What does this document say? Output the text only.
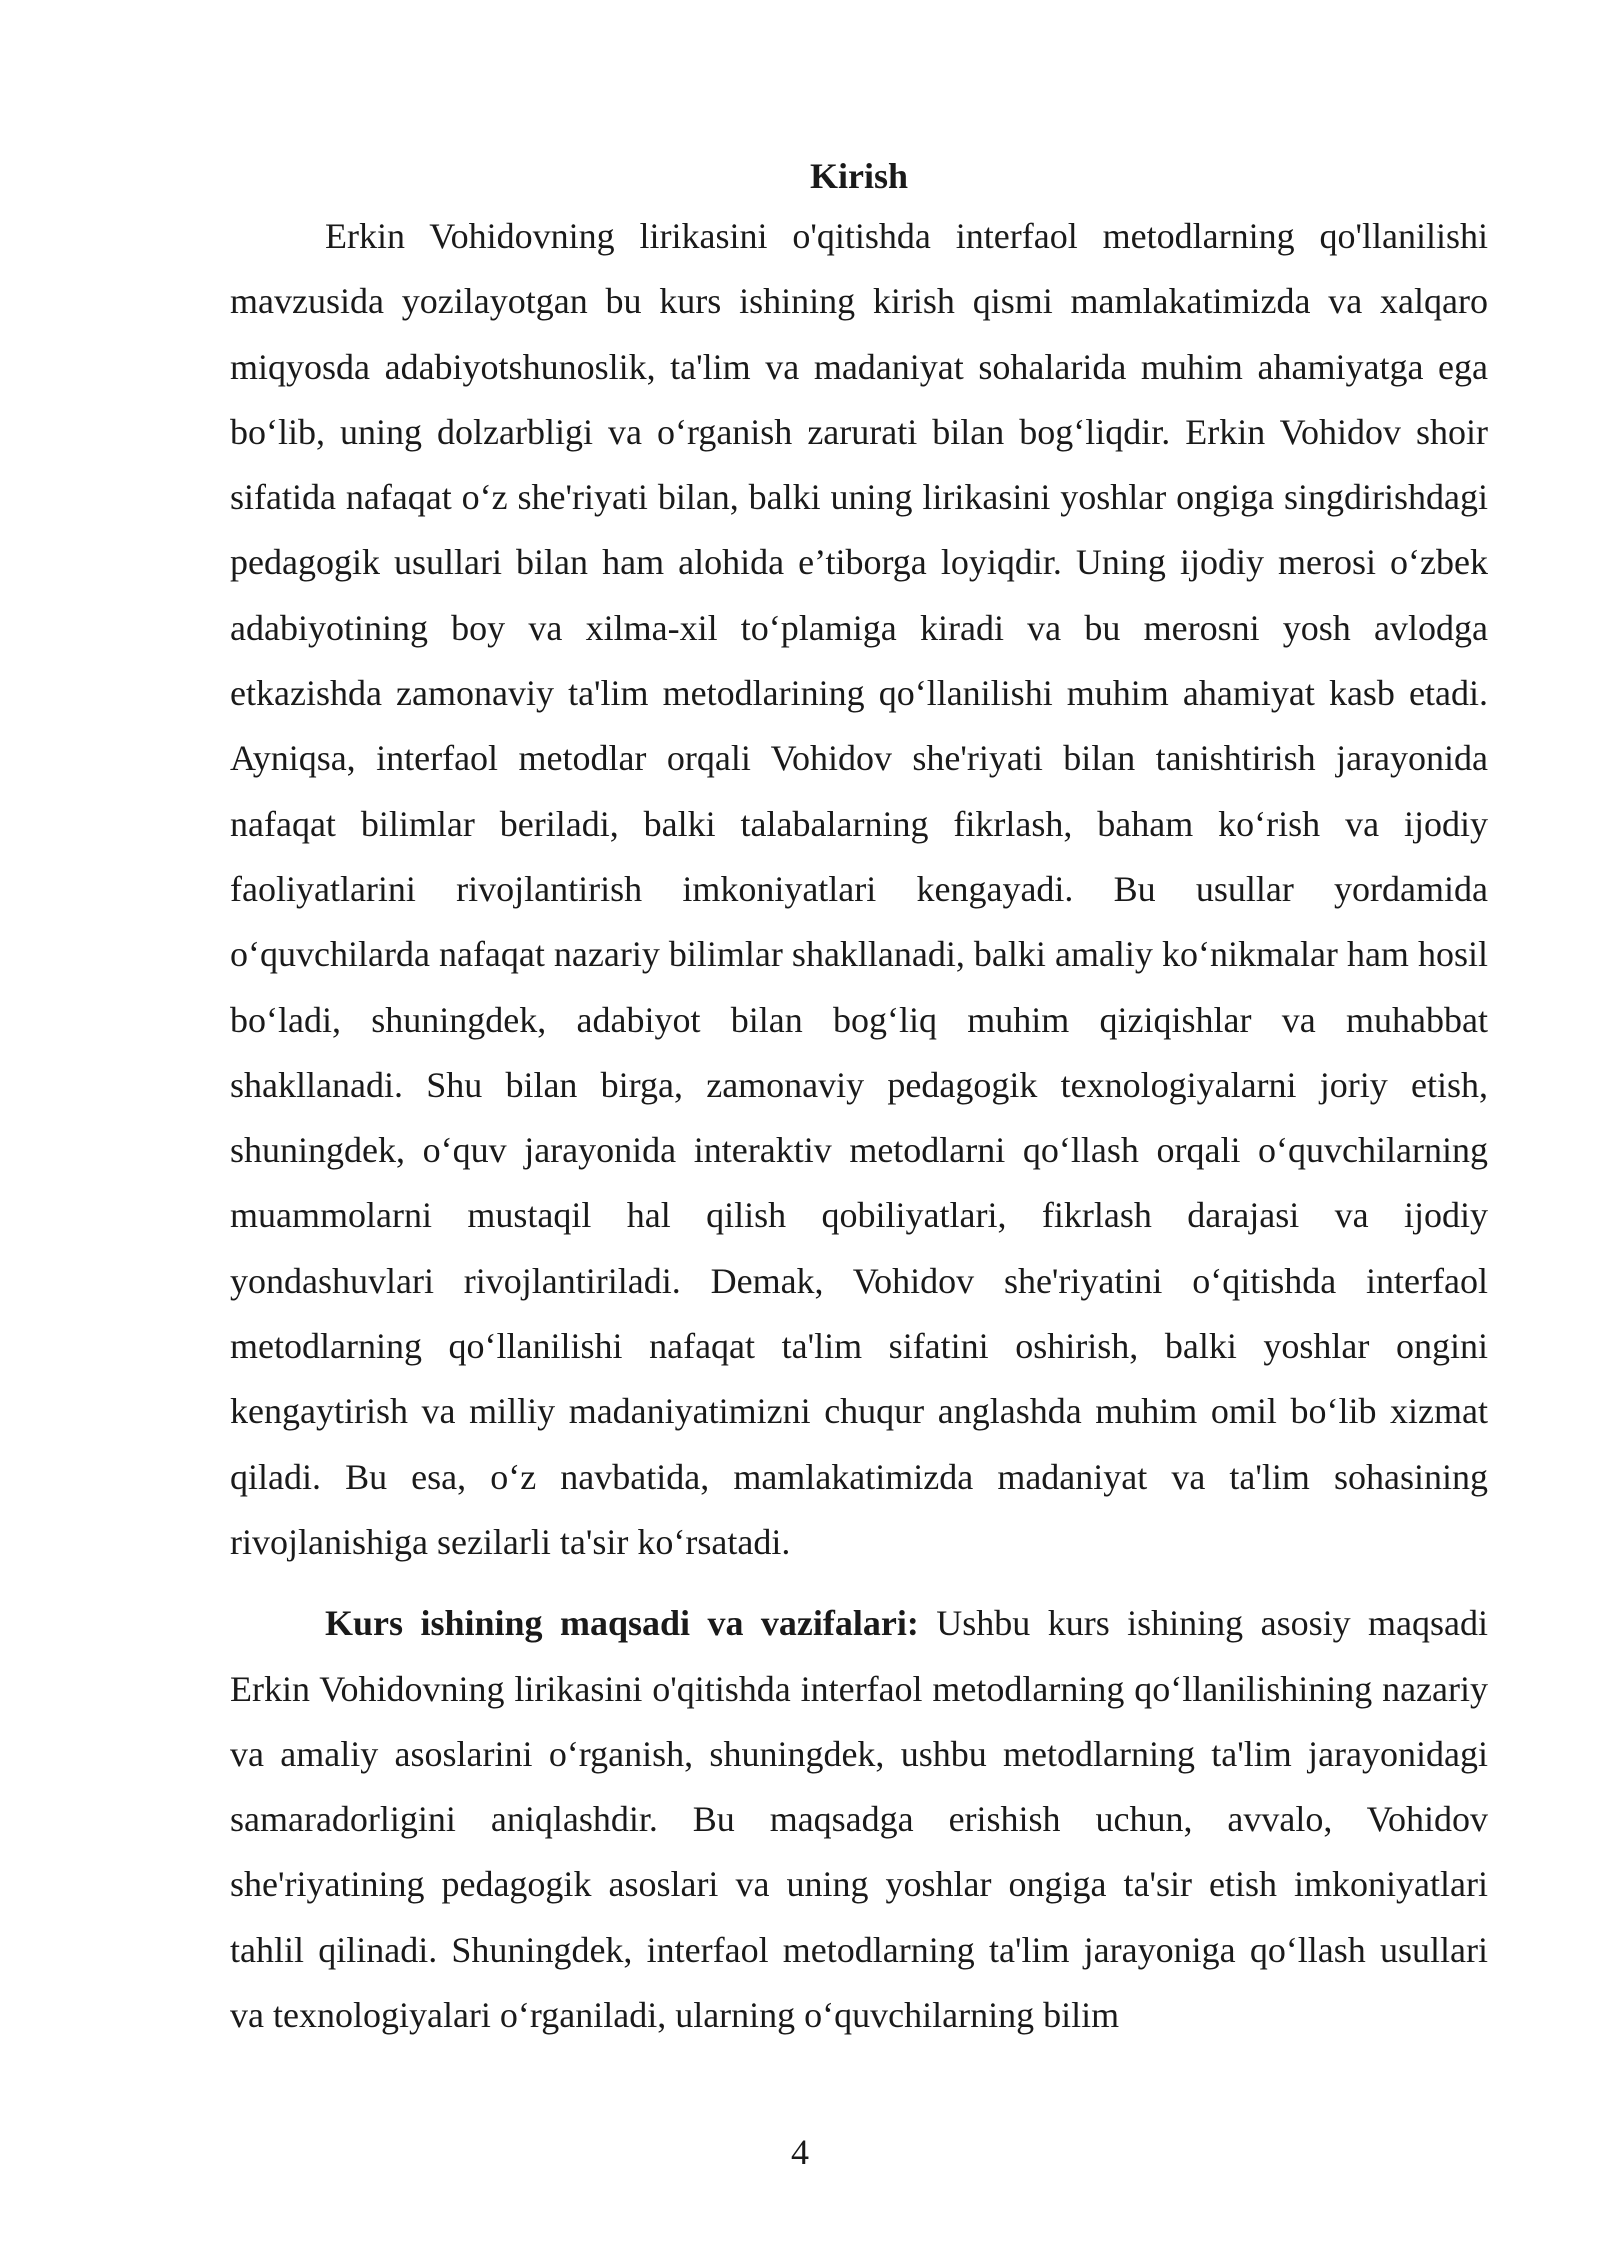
Kirish

Erkin Vohidovning lirikasini o'qitishda interfaol metodlarning qo'llanilishi mavzusida yozilayotgan bu kurs ishining kirish qismi mamlakatimizda va xalqaro miqyosda adabiyotshunoslik, ta'lim va madaniyat sohalarida muhim ahamiyatga ega bo‘lib, uning dolzarbligi va o‘rganish zarurati bilan bog‘liqdir. Erkin Vohidov shoir sifatida nafaqat o‘z she'riyati bilan, balki uning lirikasini yoshlar ongiga singdirishdagi pedagogik usullari bilan ham alohida e’tiborga loyiqdir. Uning ijodiy merosi o‘zbek adabiyotining boy va xilma-xil to‘plamiga kiradi va bu merosni yosh avlodga etkazishda zamonaviy ta'lim metodlarining qo‘llanilishi muhim ahamiyat kasb etadi. Ayniqsa, interfaol metodlar orqali Vohidov she'riyati bilan tanishtirish jarayonida nafaqat bilimlar beriladi, balki talabalarning fikrlash, baham ko‘rish va ijodiy faoliyatlarini rivojlantirish imkoniyatlari kengayadi. Bu usullar yordamida o‘quvchilarda nafaqat nazariy bilimlar shakllanadi, balki amaliy ko‘nikmalar ham hosil bo‘ladi, shuningdek, adabiyot bilan bog‘liq muhim qiziqishlar va muhabbat shakllanadi. Shu bilan birga, zamonaviy pedagogik texnologiyalarni joriy etish, shuningdek, o‘quv jarayonida interaktiv metodlarni qo‘llash orqali o‘quvchilarning muammolarni mustaqil hal qilish qobiliyatlari, fikrlash darajasi va ijodiy yondashuvlari rivojlantiriladi. Demak, Vohidov she'riyatini o‘qitishda interfaol metodlarning qo‘llanilishi nafaqat ta'lim sifatini oshirish, balki yoshlar ongini kengaytirish va milliy madaniyatimizni chuqur anglashda muhim omil bo‘lib xizmat qiladi. Bu esa, o‘z navbatida, mamlakatimizda madaniyat va ta'lim sohasining rivojlanishiga sezilarli ta'sir ko‘rsatadi.

Kurs ishining maqsadi va vazifalari: Ushbu kurs ishining asosiy maqsadi Erkin Vohidovning lirikasini o'qitishda interfaol metodlarning qo‘llanilishining nazariy va amaliy asoslarini o‘rganish, shuningdek, ushbu metodlarning ta'lim jarayonidagi samaradorligini aniqlashdir. Bu maqsadga erishish uchun, avvalo, Vohidov she'riyatining pedagogik asoslari va uning yoshlar ongiga ta'sir etish imkoniyatlari tahlil qilinadi. Shuningdek, interfaol metodlarning ta'lim jarayoniga qo‘llash usullari va texnologiyalari o‘rganiladi, ularning o‘quvchilarning bilim

4
